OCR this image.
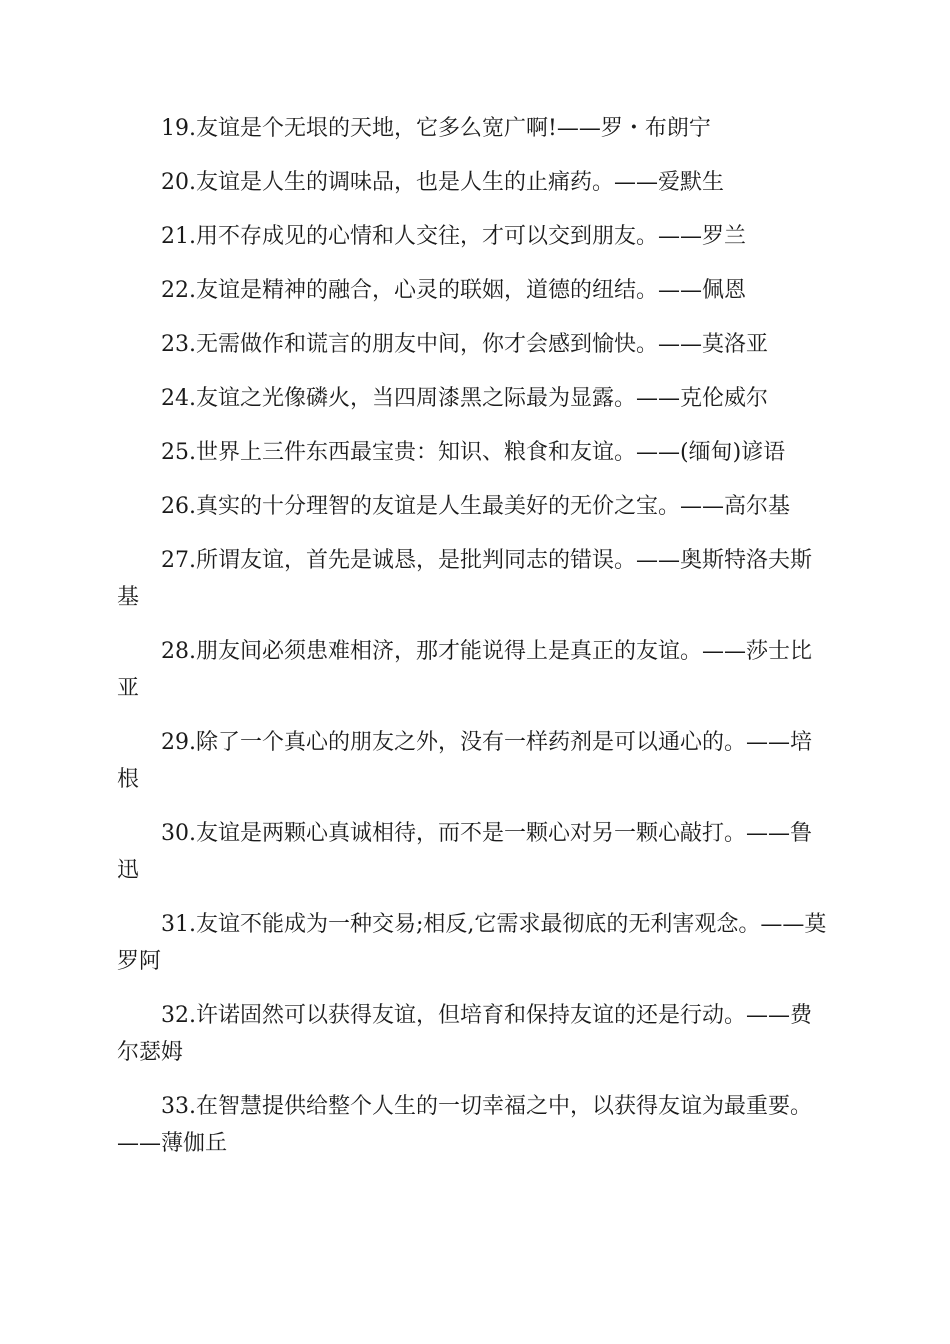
19.友谊是个无垠的天地，它多么宽广啊!——罗・布朗宁
20.友谊是人生的调味品，也是人生的止痛药。——爱默生
21.用不存成见的心情和人交往，才可以交到朋友。——罗兰
22.友谊是精神的融合，心灵的联姻，道德的纽结。——佩恩
23.无需做作和谎言的朋友中间，你才会感到愉快。——莫洛亚
24.友谊之光像磷火，当四周漆黑之际最为显露。——克伦威尔
25.世界上三件东西最宝贵：知识、粮食和友谊。——(缅甸)谚语
26.真实的十分理智的友谊是人生最美好的无价之宝。——高尔基
27.所谓友谊，首先是诚恳，是批判同志的错误。——奥斯特洛夫斯基
28.朋友间必须患难相济，那才能说得上是真正的友谊。——莎士比亚
29.除了一个真心的朋友之外，没有一样药剂是可以通心的。——培根
30.友谊是两颗心真诚相待，而不是一颗心对另一颗心敲打。——鲁迅
31.友谊不能成为一种交易;相反,它需求最彻底的无利害观念。——莫罗阿
32.许诺固然可以获得友谊，但培育和保持友谊的还是行动。——费尔瑟姆
33.在智慧提供给整个人生的一切幸福之中，以获得友谊为最重要。——薄伽丘
